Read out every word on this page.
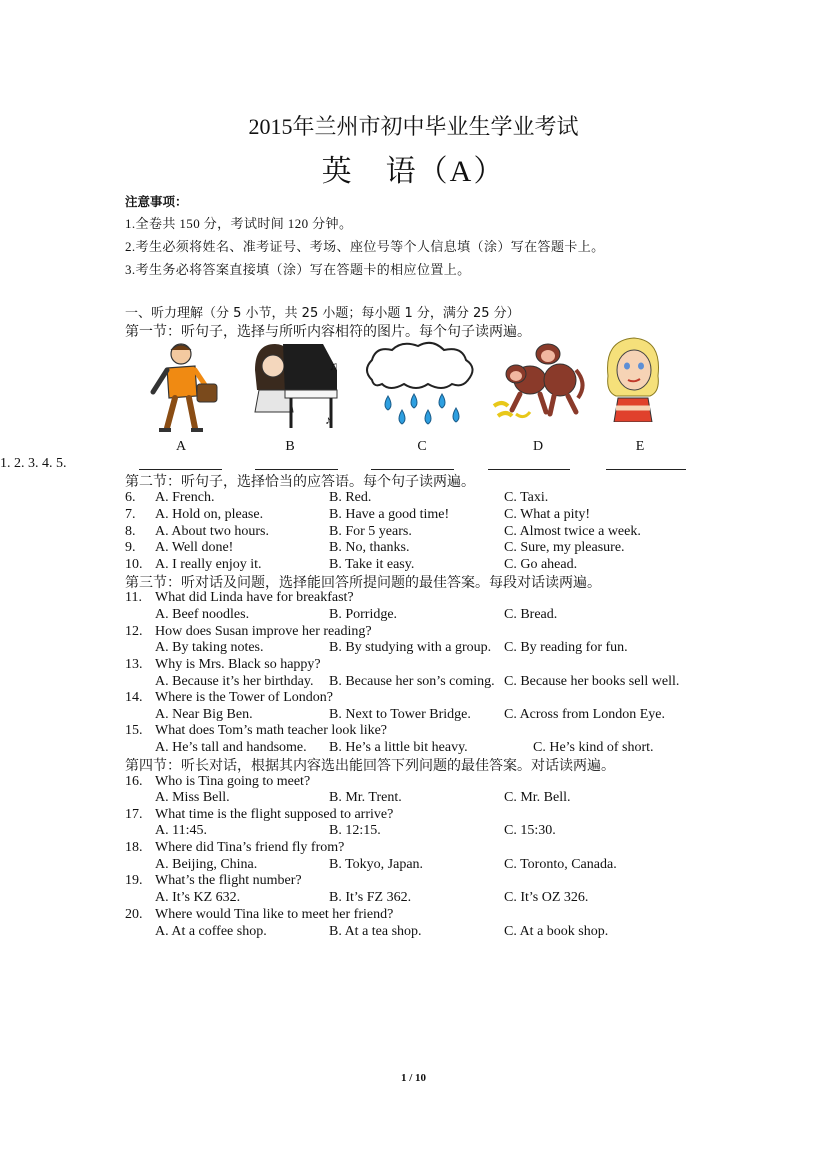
2015年兰州市初中毕业生学业考试
英　语（A）
注意事项：
1.全卷共 150 分，考试时间 120 分钟。
2.考生必须将姓名、准考证号、考场、座位号等个人信息填（涂）写在答题卡上。
3.考生务必将答案直接填（涂）写在答题卡的相应位置上。
一、听力理解（分 5 小节，共 25 小题；每小题 1 分，满分 25 分）
第一节：听句子，选择与所听内容相符的图片。每个句子读两遍。
♪
♫
A	B	C	D	E
1. 2. 3. 4. 5.
第二节：听句子，选择恰当的应答语。每个句子读两遍。
6. A. French.	B. Red.	C. Taxi.
7. A. Hold on, please.	B. Have a good time!	C. What a pity!
8. A. About two hours.	B. For 5 years.	C. Almost twice a week.
9. A. Well done!	B. No, thanks.	C. Sure, my pleasure.
10. A. I really enjoy it.	B. Take it easy.	C. Go ahead.
第三节：听对话及问题，选择能回答所提问题的最佳答案。每段对话读两遍。
11. What did Linda have for breakfast?
A. Beef noodles.	B. Porridge.	C. Bread.
12. How does Susan improve her reading?
A. By taking notes.	B. By studying with a group. C. By reading for fun.
13. Why is Mrs. Black so happy?
A. Because it’s her birthday. B. Because her son’s coming. C. Because her books sell well.
14. Where is the Tower of London?
A. Near Big Ben.	B. Next to Tower Bridge. C. Across from London Eye.
15. What does Tom’s math teacher look like?
A. He’s tall and handsome. B. He’s a little bit heavy.	C. He’s kind of short.
第四节：听长对话，根据其内容选出能回答下列问题的最佳答案。对话读两遍。
16. Who is Tina going to meet?
A. Miss Bell.	B. Mr. Trent.	C. Mr. Bell.
17. What time is the flight supposed to arrive?
A. 11:45.	B. 12:15.	C. 15:30.
18. Where did Tina’s friend fly from?
A. Beijing, China.	B. Tokyo, Japan.	C. Toronto, Canada.
19. What’s the flight number?
A. It’s KZ 632.	B. It’s FZ 362.	C. It’s OZ 326.
20. Where would Tina like to meet her friend?
A. At a coffee shop.	B. At a tea shop.	C. At a book shop.
1 / 10
